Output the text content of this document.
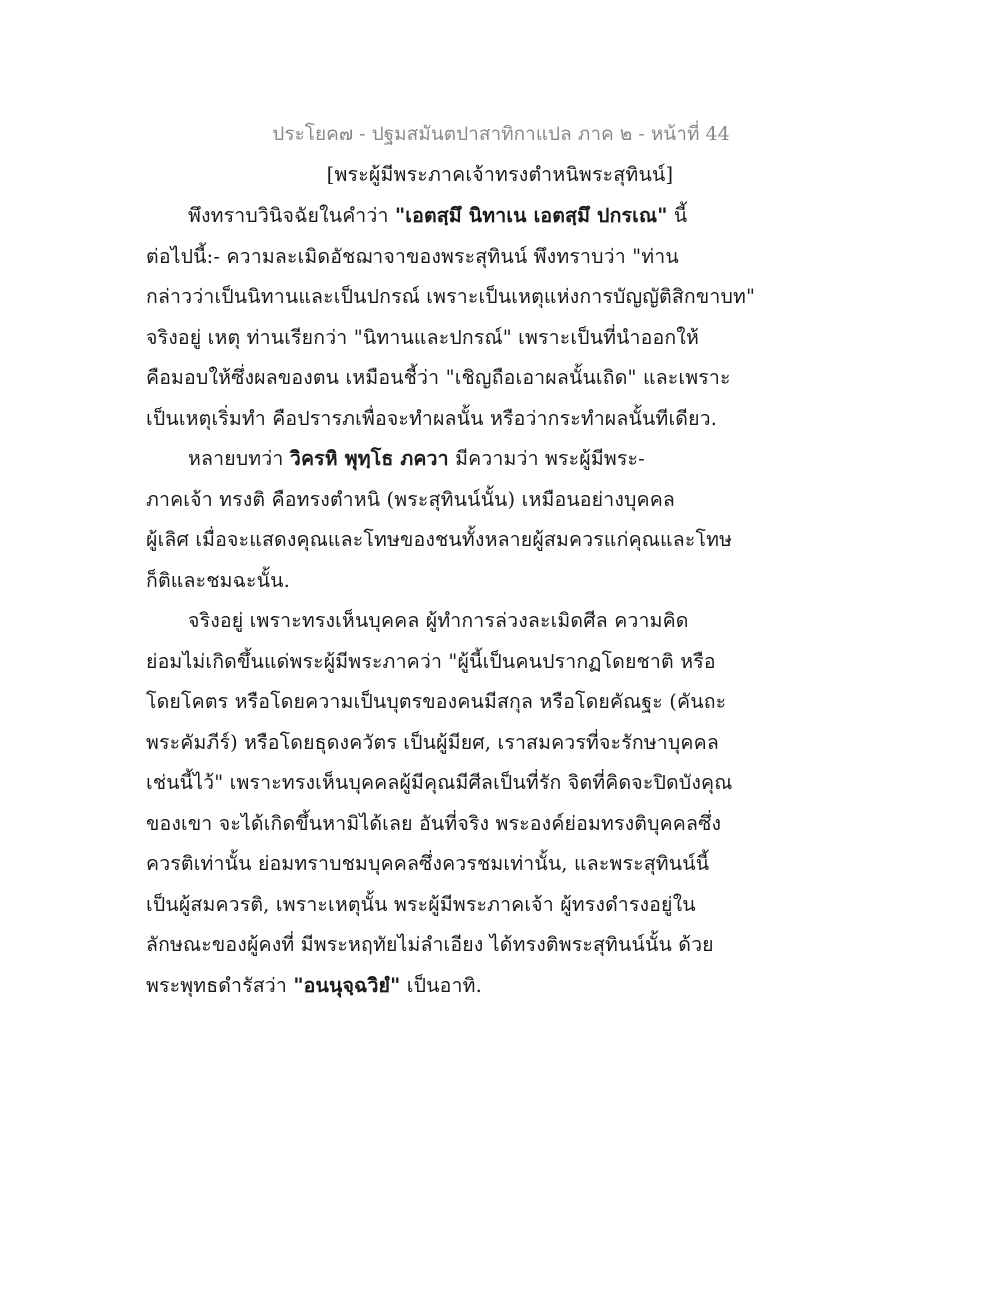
ประโยค๗ - ปฐมสมันตปาสาทิกาแปล ภาค ๒ - หน้าที่ 44
[พระผู้มีพระภาคเจ้าทรงตำหนิพระสุทินน์]
พึงทราบวินิจฉัยในคำว่า "เอตสฺมึ นิทาเน เอตสฺมึ ปกรเณ" นี้
ต่อไปนี้:- ความละเมิดอัชฌาจาของพระสุทินน์ พึงทราบว่า "ท่าน
กล่าวว่าเป็นนิทานและเป็นปกรณ์ เพราะเป็นเหตุแห่งการบัญญัติสิกขาบท"
จริงอยู่ เหตุ ท่านเรียกว่า "นิทานและปกรณ์" เพราะเป็นที่นำออกให้
คือมอบให้ซึ่งผลของตน เหมือนชี้ว่า "เชิญถือเอาผลนั้นเถิด" และเพราะ
เป็นเหตุเริ่มทำ คือปรารภเพื่อจะทำผลนั้น หรือว่ากระทำผลนั้นทีเดียว.
หลายบทว่า วิครหิ พุทฺโธ ภควา มีความว่า พระผู้มีพระ-
ภาคเจ้า ทรงติ คือทรงตำหนิ (พระสุทินน์นั้น) เหมือนอย่างบุคคล
ผู้เลิศ เมื่อจะแสดงคุณและโทษของชนทั้งหลายผู้สมควรแก่คุณและโทษ
ก็ติและชมฉะนั้น.
จริงอยู่ เพราะทรงเห็นบุคคล ผู้ทำการล่วงละเมิดศีล ความคิด
ย่อมไม่เกิดขึ้นแด่พระผู้มีพระภาคว่า "ผู้นี้เป็นคนปรากฏโดยชาติ หรือ
โดยโคตร หรือโดยความเป็นบุตรของคนมีสกุล หรือโดยคัณฐะ (คันถะ
พระคัมภีร์) หรือโดยธุดงควัตร เป็นผู้มียศ, เราสมควรที่จะรักษาบุคคล
เช่นนี้ไว้" เพราะทรงเห็นบุคคลผู้มีคุณมีศีลเป็นที่รัก จิตที่คิดจะปิดบังคุณ
ของเขา จะได้เกิดขึ้นหามิได้เลย อันที่จริง พระองค์ย่อมทรงติบุคคลซึ่ง
ควรติเท่านั้น ย่อมทราบชมบุคคลซึ่งควรชมเท่านั้น, และพระสุทินน์นี้
เป็นผู้สมควรติ, เพราะเหตุนั้น พระผู้มีพระภาคเจ้า ผู้ทรงดำรงอยู่ใน
ลักษณะของผู้คงที่ มีพระหฤทัยไม่ลำเอียง ได้ทรงติพระสุทินน์นั้น ด้วย
พระพุทธดำรัสว่า "อนนุจฺฉวิยํ" เป็นอาทิ.
